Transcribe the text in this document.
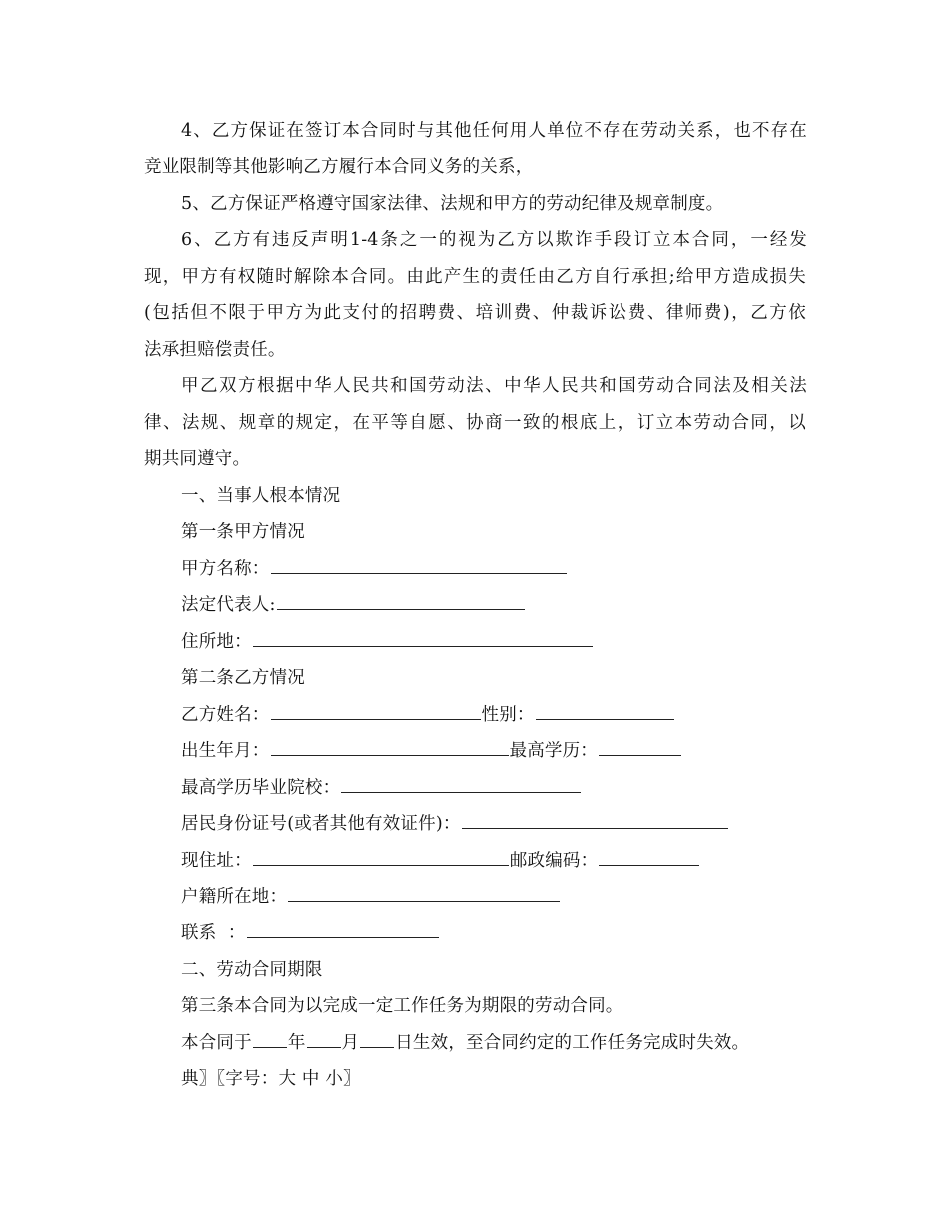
4、乙方保证在签订本合同时与其他任何用人单位不存在劳动关系，也不存在
竞业限制等其他影响乙方履行本合同义务的关系，
5、乙方保证严格遵守国家法律、法规和甲方的劳动纪律及规章制度。
6、乙方有违反声明1-4条之一的视为乙方以欺诈手段订立本合同，一经发
现，甲方有权随时解除本合同。由此产生的责任由乙方自行承担;给甲方造成损失
(包括但不限于甲方为此支付的招聘费、培训费、仲裁诉讼费、律师费)，乙方依
法承担赔偿责任。
甲乙双方根据中华人民共和国劳动法、中华人民共和国劳动合同法及相关法
律、法规、规章的规定，在平等自愿、协商一致的根底上，订立本劳动合同，以
期共同遵守。
一、当事人根本情况
第一条甲方情况
甲方名称：
法定代表人:
住所地：
第二条乙方情况
乙方姓名：	性别：
出生年月：	最高学历：
最高学历毕业院校：
居民身份证号(或者其他有效证件)：
现住址：	邮政编码：
户籍所在地：
联系  ：
二、劳动合同期限
第三条本合同为以完成一定工作任务为期限的劳动合同。
本合同于 年 月 日生效，至合同约定的工作任务完成时失效。
典〗〖字号：大 中 小〗
